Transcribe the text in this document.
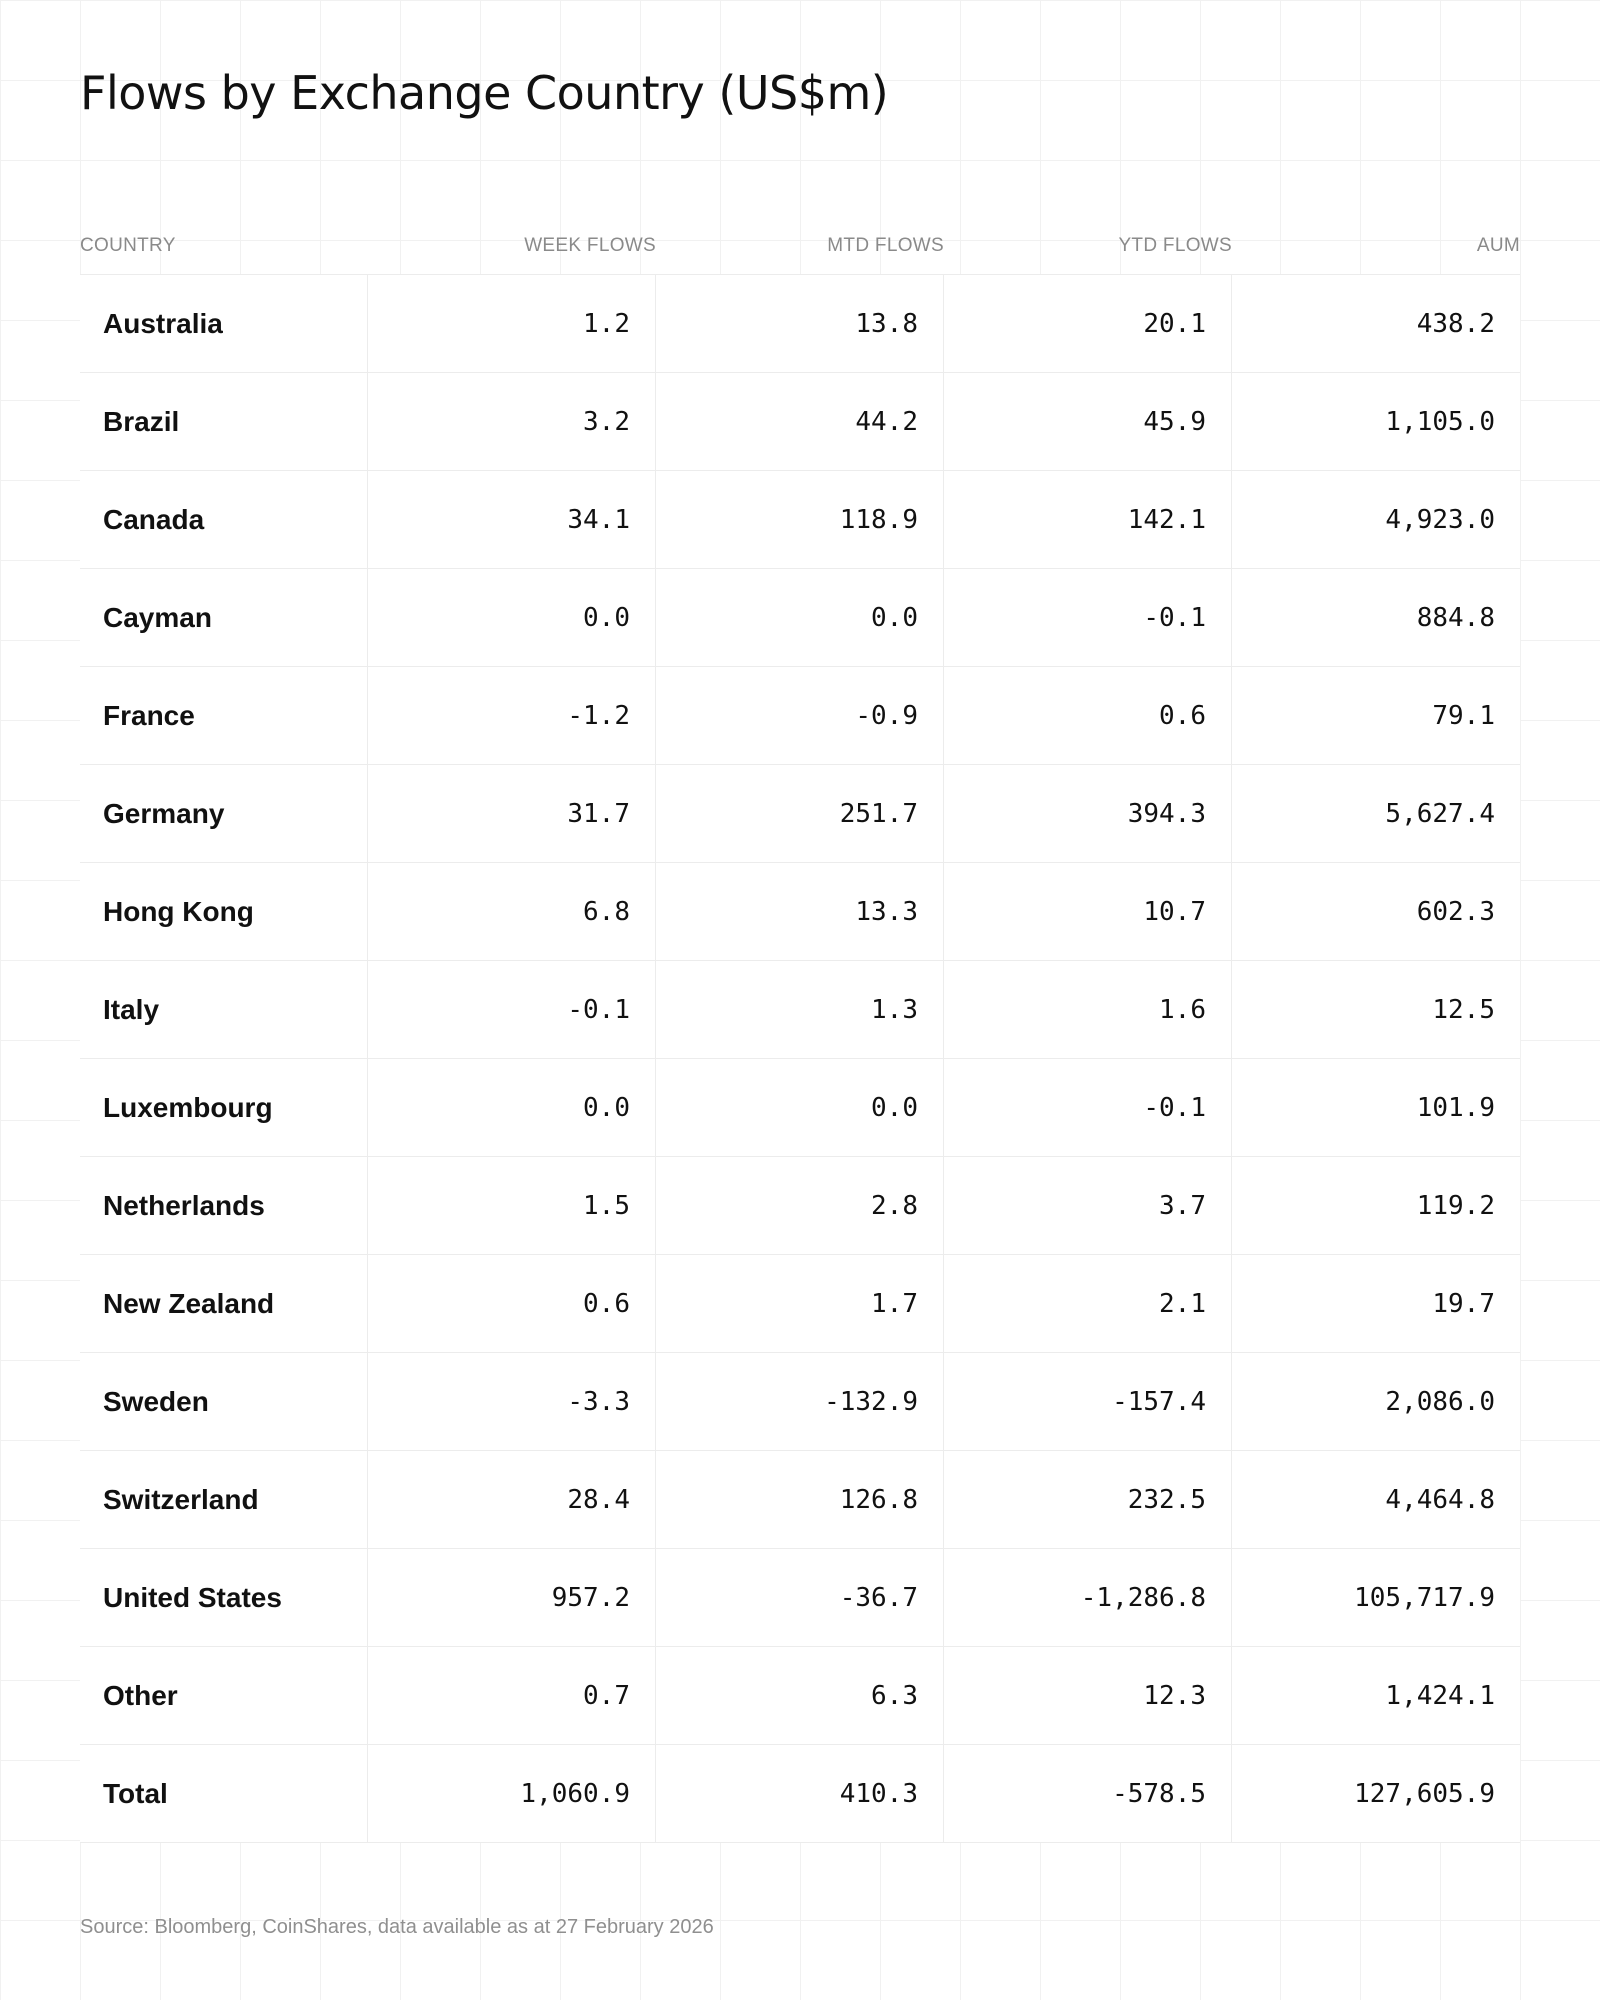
Flows by Exchange Country (US$m)
COUNTRY	WEEK FLOWS	MTD FLOWS	YTD FLOWS	AUM
Australia	1.2	13.8	20.1	438.2
Brazil	3.2	44.2	45.9	1,105.0
Canada	34.1	118.9	142.1	4,923.0
Cayman	0.0	0.0	-0.1	884.8
France	-1.2	-0.9	0.6	79.1
Germany	31.7	251.7	394.3	5,627.4
Hong Kong	6.8	13.3	10.7	602.3
Italy	-0.1	1.3	1.6	12.5
Luxembourg	0.0	0.0	-0.1	101.9
Netherlands	1.5	2.8	3.7	119.2
New Zealand	0.6	1.7	2.1	19.7
Sweden	-3.3	-132.9	-157.4	2,086.0
Switzerland	28.4	126.8	232.5	4,464.8
United States	957.2	-36.7	-1,286.8	105,717.9
Other	0.7	6.3	12.3	1,424.1
Total	1,060.9	410.3	-578.5	127,605.9
Source: Bloomberg, CoinShares, data available as at 27 February 2026
